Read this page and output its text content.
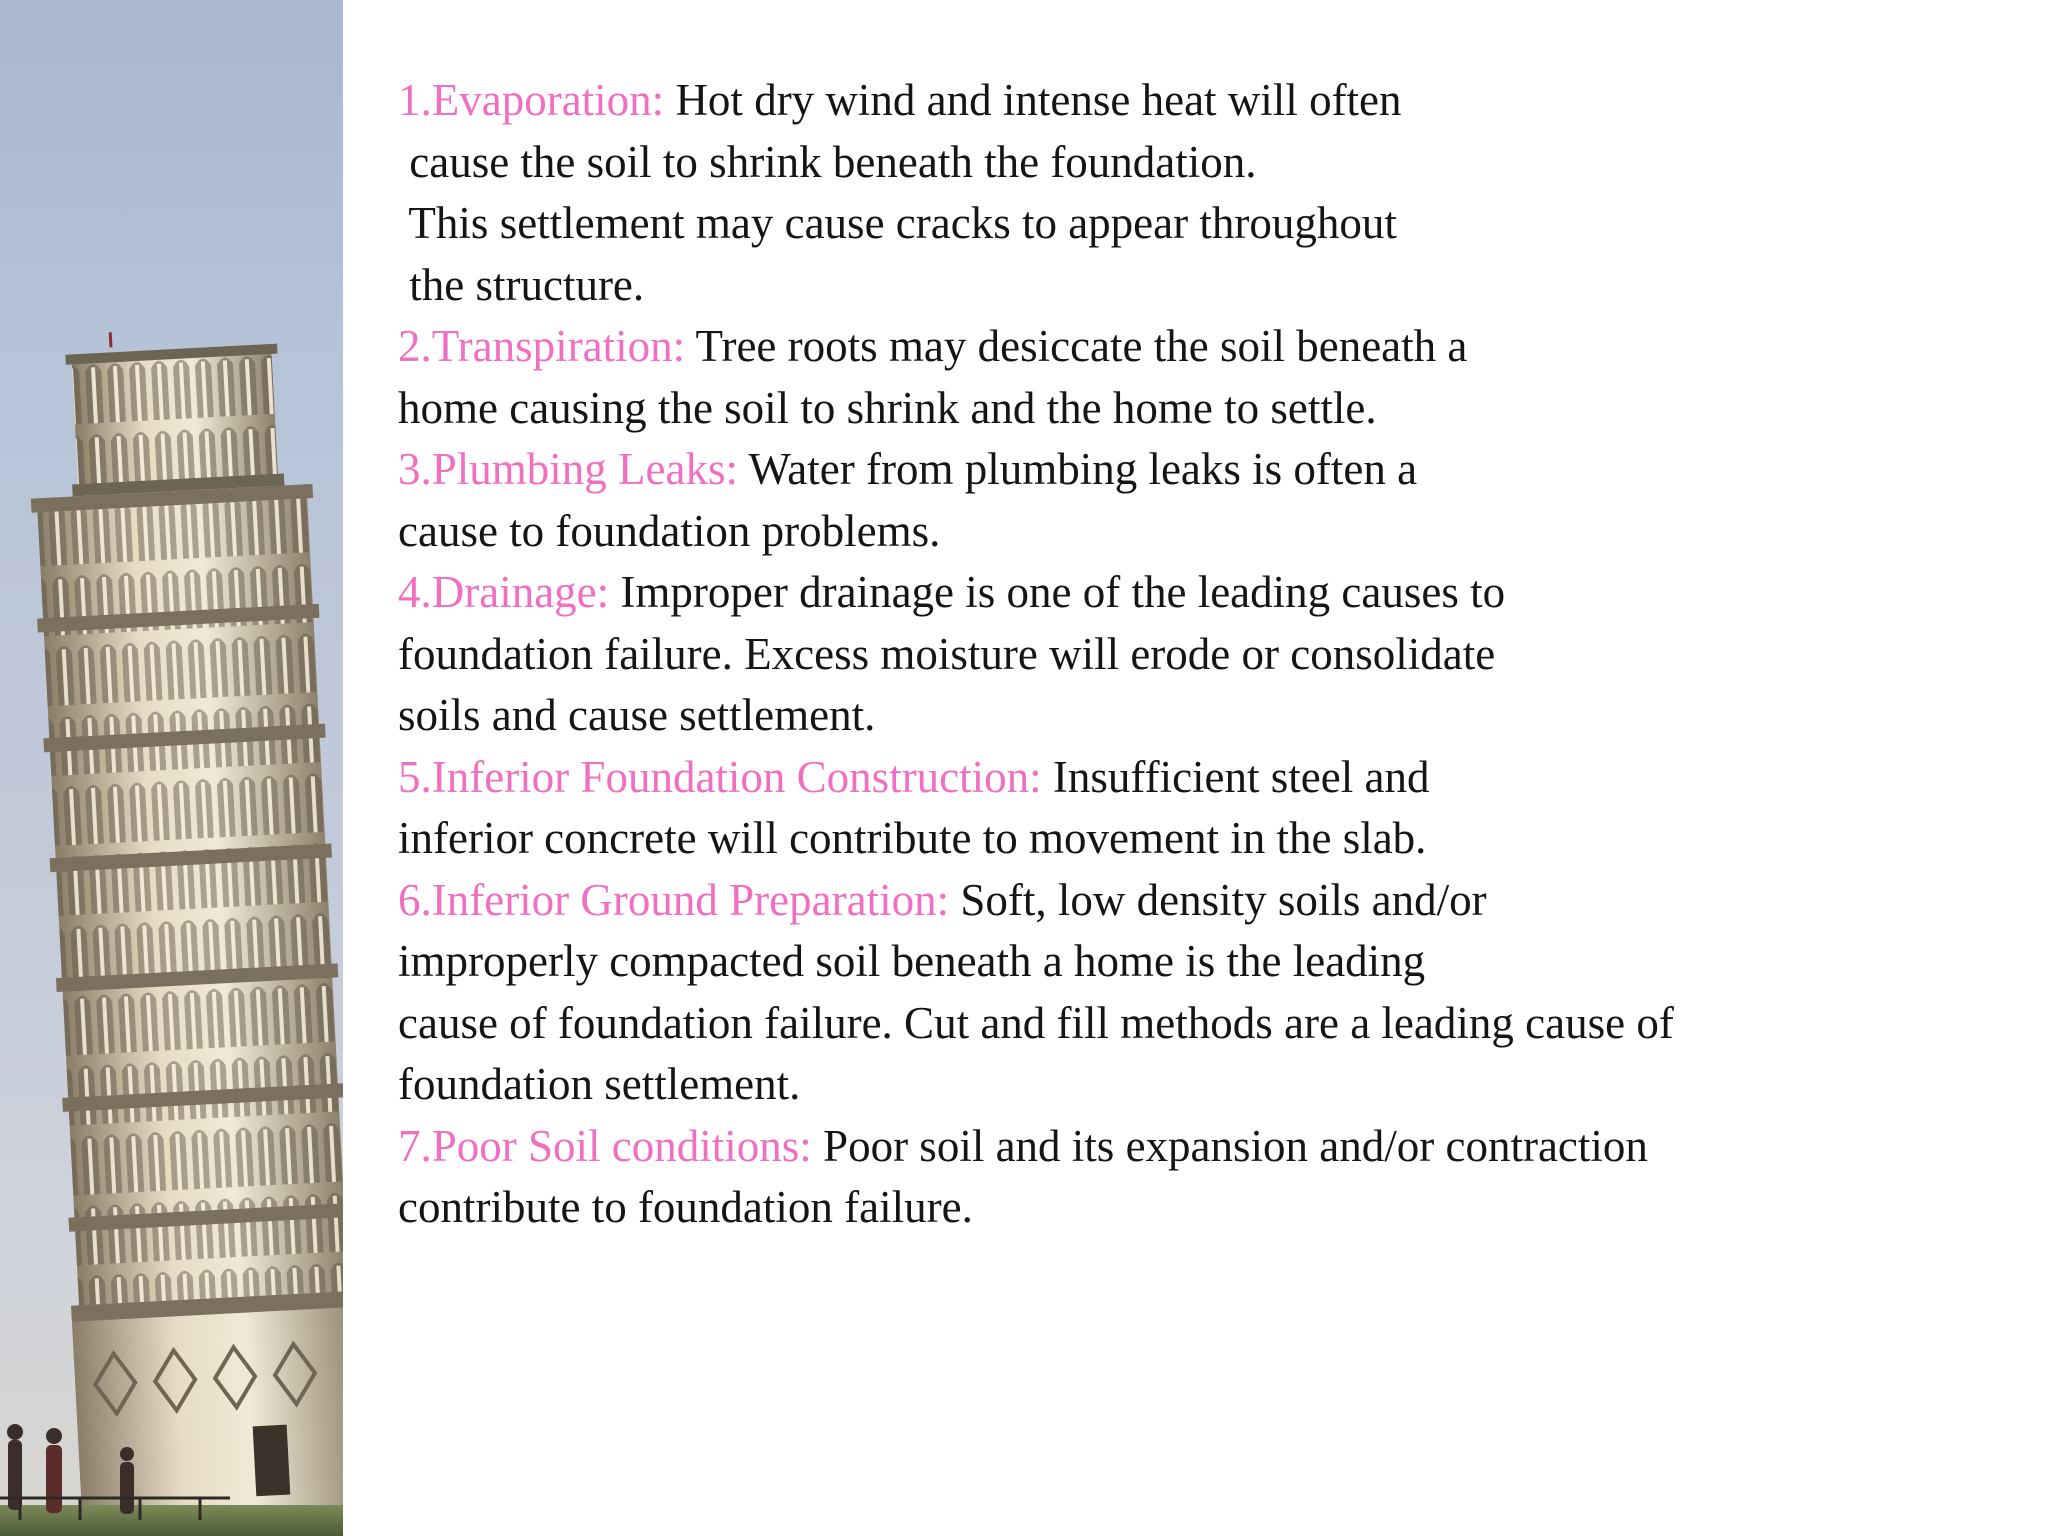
1.Evaporation: Hot dry wind and intense heat will often
cause the soil to shrink beneath the foundation.
This settlement may cause cracks to appear throughout
the structure.

2.Transpiration: Tree roots may desiccate the soil beneath a
home causing the soil to shrink and the home to settle.

3.Plumbing Leaks: Water from plumbing leaks is often a
cause to foundation problems.

4.Drainage: Improper drainage is one of the leading causes to
foundation failure. Excess moisture will erode or consolidate
soils and cause settlement.

5.Inferior Foundation Construction: Insufficient steel and
inferior concrete will contribute to movement in the slab.

6.Inferior Ground Preparation: Soft, low density soils and/or
improperly compacted soil beneath a home is the leading
cause of foundation failure. Cut and fill methods are a leading cause of
foundation settlement.

7.Poor Soil conditions: Poor soil and its expansion and/or contraction
contribute to foundation failure.
